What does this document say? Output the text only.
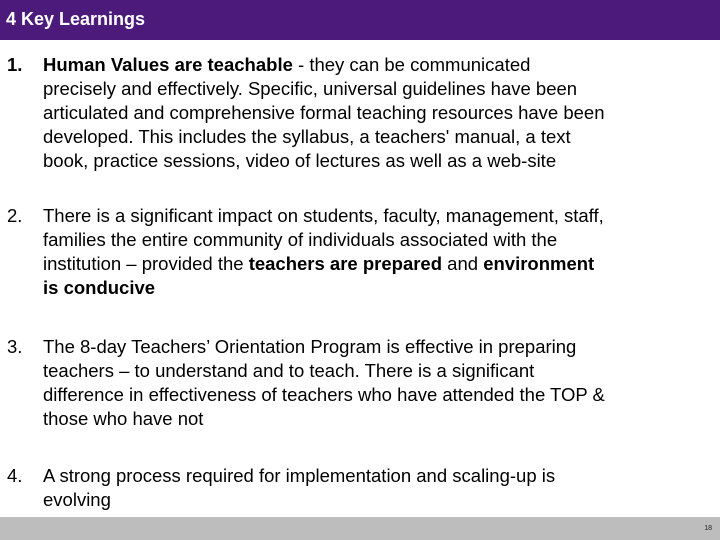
4 Key Learnings
1. Human Values are teachable - they can be communicated
precisely and effectively. Specific, universal guidelines have been
articulated and comprehensive formal teaching resources have been
developed. This includes the syllabus, a teachers' manual, a text
book, practice sessions, video of lectures as well as a web-site
2. There is a significant impact on students, faculty, management, staff,
families the entire community of individuals associated with the
institution – provided the teachers are prepared and environment
is conducive
3. The 8-day Teachers’ Orientation Program is effective in preparing
teachers – to understand and to teach. There is a significant
difference in effectiveness of teachers who have attended the TOP &
those who have not
4. A strong process required for implementation and scaling-up is
evolving
18
